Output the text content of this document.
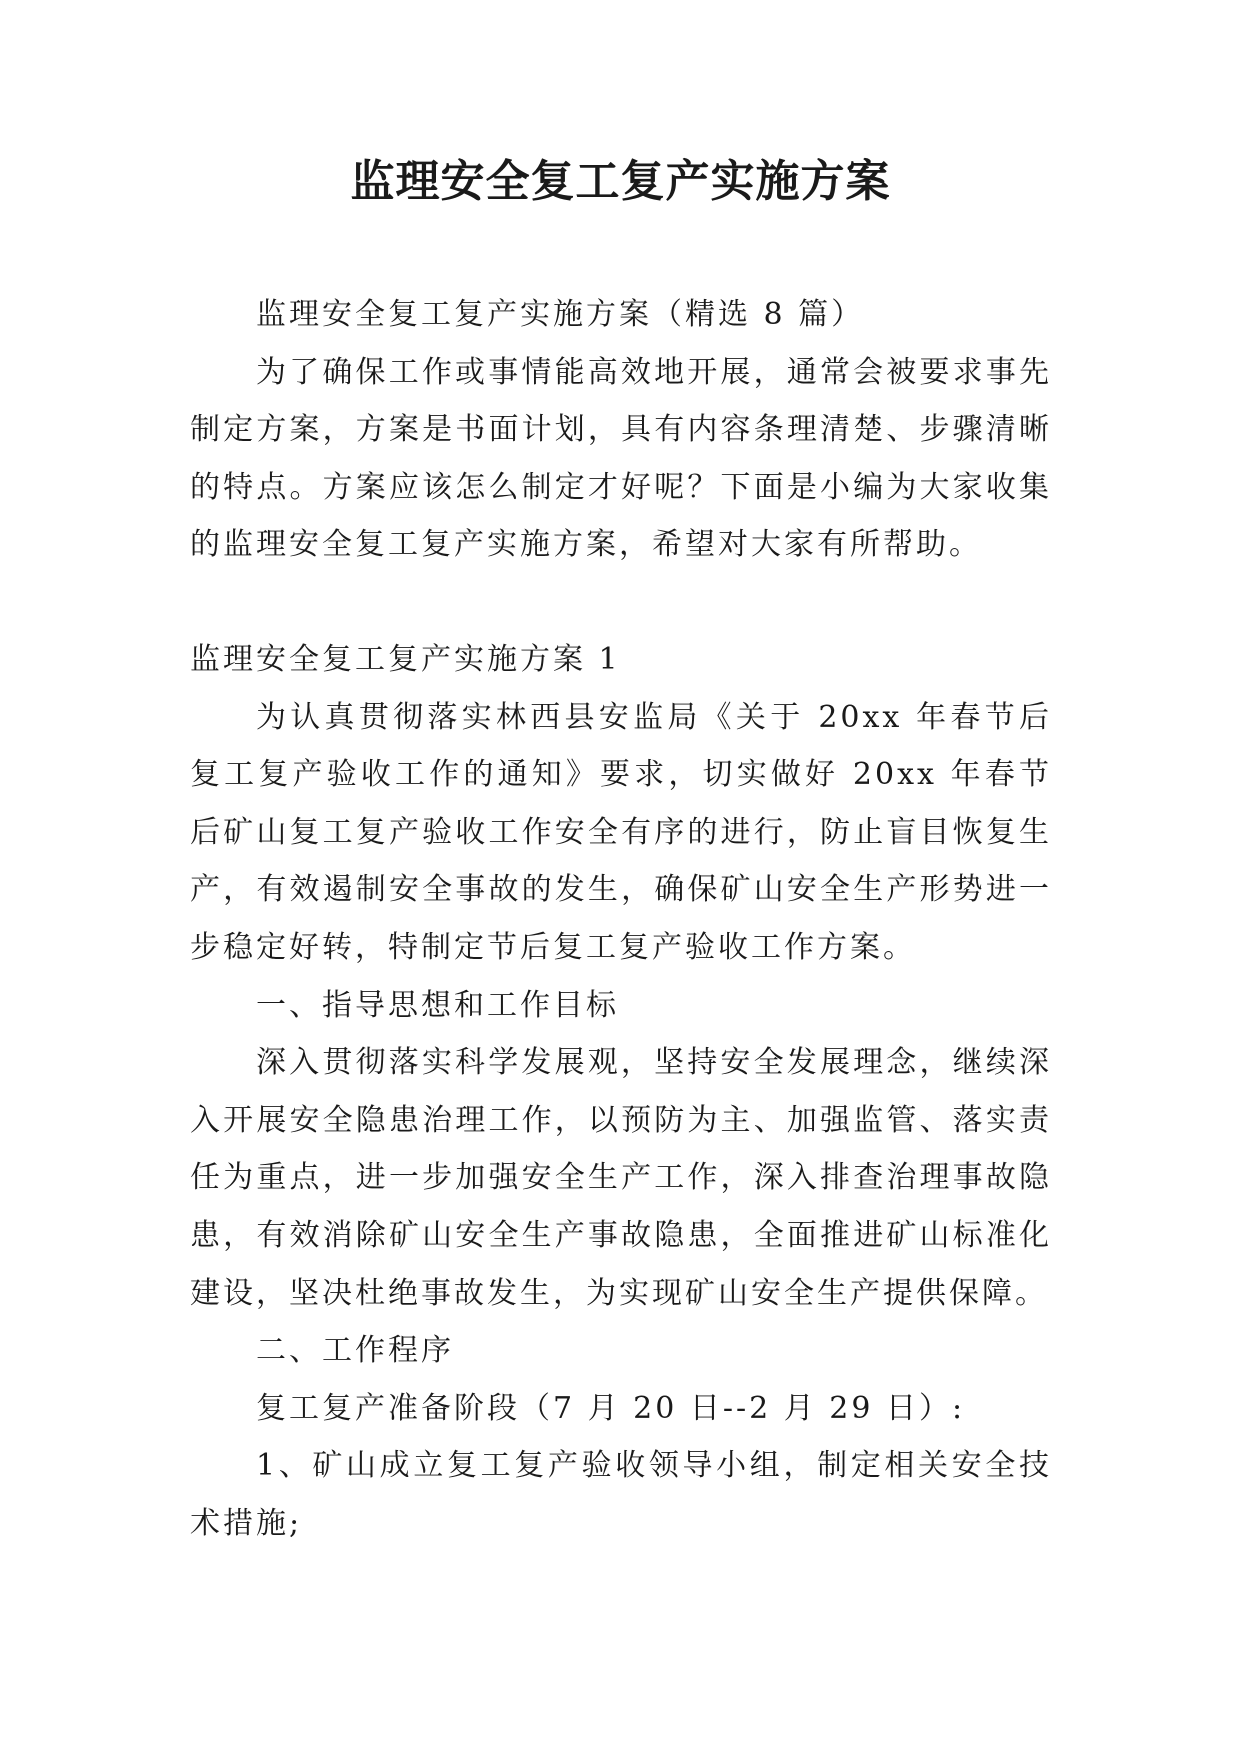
监理安全复工复产实施方案

监理安全复工复产实施方案（精选 8 篇）

为了确保工作或事情能高效地开展，通常会被要求事先制定方案，方案是书面计划，具有内容条理清楚、步骤清晰的特点。方案应该怎么制定才好呢？下面是小编为大家收集的监理安全复工复产实施方案，希望对大家有所帮助。

监理安全复工复产实施方案 1

为认真贯彻落实林西县安监局《关于 20xx 年春节后复工复产验收工作的通知》要求，切实做好 20xx 年春节后矿山复工复产验收工作安全有序的进行，防止盲目恢复生产，有效遏制安全事故的发生，确保矿山安全生产形势进一步稳定好转，特制定节后复工复产验收工作方案。

一、指导思想和工作目标

深入贯彻落实科学发展观，坚持安全发展理念，继续深入开展安全隐患治理工作，以预防为主、加强监管、落实责任为重点，进一步加强安全生产工作，深入排查治理事故隐患，有效消除矿山安全生产事故隐患，全面推进矿山标准化建设，坚决杜绝事故发生，为实现矿山安全生产提供保障。

二、工作程序

复工复产准备阶段（7 月 20 日--2 月 29 日）:

1、矿山成立复工复产验收领导小组，制定相关安全技术措施;
